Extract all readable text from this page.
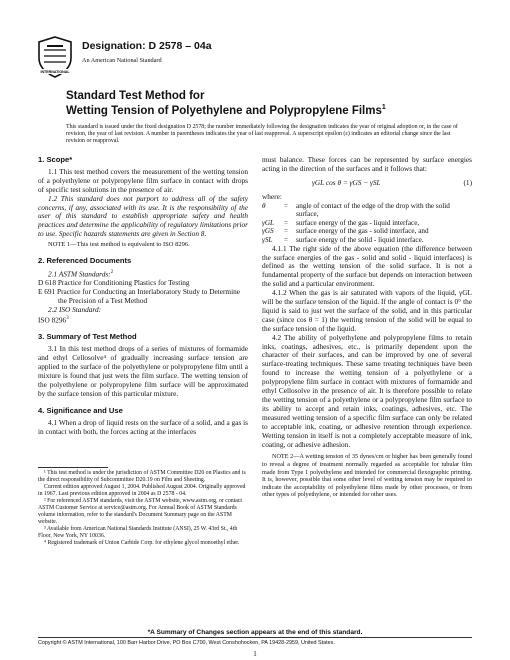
INTERNATIONAL
Designation: D 2578 – 04a
An American National Standard
Standard Test Method for
Wetting Tension of Polyethylene and Polypropylene Films$^1$
This standard is issued under the fixed designation D 2578; the number immediately following the designation indicates the year of original adoption or, in the case of revision, the year of last revision. A number in parentheses indicates the year of last reapproval. A superscript epsilon (ε) indicates an editorial change since the last revision or reapproval.

1. Scope*

1.1 This test method covers the measurement of the wetting tension of a polyethylene or polypropylene film surface in contact with drops of specific test solutions in the presence of air.

1.2 This standard does not purport to address all of the safety concerns, if any, associated with its use. It is the responsibility of the user of this standard to establish appropriate safety and health practices and determine the applicability of regulatory limitations prior to use. Specific hazards statements are given in Section 8.

NOTE 1—This test method is equivalent to ISO 8296.

2. Referenced Documents

2.1 ASTM Standards:$^2$

D 618 Practice for Conditioning Plastics for Testing

E 691 Practice for Conducting an Interlaboratory Study to Determine the Precision of a Test Method

2.2 ISO Standard:

ISO 8296$^3$

3. Summary of Test Method

3.1 In this test method drops of a series of mixtures of formamide and ethyl Cellosolve⁴ of gradually increasing surface tension are applied to the surface of the polyethylene or polypropylene film until a mixture is found that just wets the film surface. The wetting tension of the polyethylene or polypropylene film surface will be approximated by the surface tension of this particular mixture.

4. Significance and Use

4.1 When a drop of liquid rests on the surface of a solid, and a gas is in contact with both, the forces acting at the interfaces

¹ This test method is under the jurisdiction of ASTM Committee D20 on Plastics and is the direct responsibility of Subcommittee D20.19 on Film and Sheeting.

Current edition approved August 1, 2004. Published August 2004. Originally approved in 1967. Last previous edition approved in 2004 as D 2578 - 04.

² For referenced ASTM standards, visit the ASTM website, www.astm.org, or contact ASTM Customer Service at service@astm.org. For Annual Book of ASTM Standards volume information, refer to the standard's Document Summary page on the ASTM website.

³ Available from American National Standards Institute (ANSI), 25 W. 43rd St., 4th Floor, New York, NY 10036.

⁴ Registered trademark of Union Carbide Corp. for ethylene glycol monoethyl ether.

must balance. These forces can be represented by surface energies acting in the direction of the surfaces and it follows that:

γGL cos θ = γGS − γSL	(1)

where:

θ	=	angle of contact of the edge of the drop with the solid surface,
γGL	=	surface energy of the gas - liquid interface,
γGS	=	surface energy of the gas - solid interface, and
γSL	=	surface energy of the solid - liquid interface.

4.1.1 The right side of the above equation (the difference between the surface energies of the gas - solid and solid - liquid interfaces) is defined as the wetting tension of the solid surface. It is not a fundamental property of the surface but depends on interaction between the solid and a particular environment.

4.1.2 When the gas is air saturated with vapors of the liquid, γGL will be the surface tension of the liquid. If the angle of contact is 0° the liquid is said to just wet the surface of the solid, and in this particular case (since cos θ = 1) the wetting tension of the solid will be equal to the surface tension of the liquid.

4.2 The ability of polyethylene and polypropylene films to retain inks, coatings, adhesives, etc., is primarily dependent upon the character of their surfaces, and can be improved by one of several surface-treating techniques. These same treating techniques have been found to increase the wetting tension of a polyethylene or a polypropylene film surface in contact with mixtures of formamide and ethyl Cellosolve in the presence of air. It is therefore possible to relate the wetting tension of a polyethylene or a polypropylene film surface to its ability to accept and retain inks, coatings, adhesives, etc. The measured wetting tension of a specific film surface can only be related to acceptable ink, coating, or adhesive retention through experience. Wetting tension in itself is not a completely acceptable measure of ink, coating, or adhesive adhesion.

NOTE 2—A wetting tension of 35 dynes/cm or higher has been generally found to reveal a degree of treatment normally regarded as acceptable for tubular film made from Type 1 polyethylene and intended for commercial flexographic printing. It is, however, possible that some other level of wetting tension may be required to indicate the acceptability of polyethylene films made by other processes, or from other types of polyethylene, or intended for other uses.

*A Summary of Changes section appears at the end of this standard.
Copyright © ASTM International, 100 Barr Harbor Drive, PO Box C700, West Conshohocken, PA 19428-2959, United States.
1
